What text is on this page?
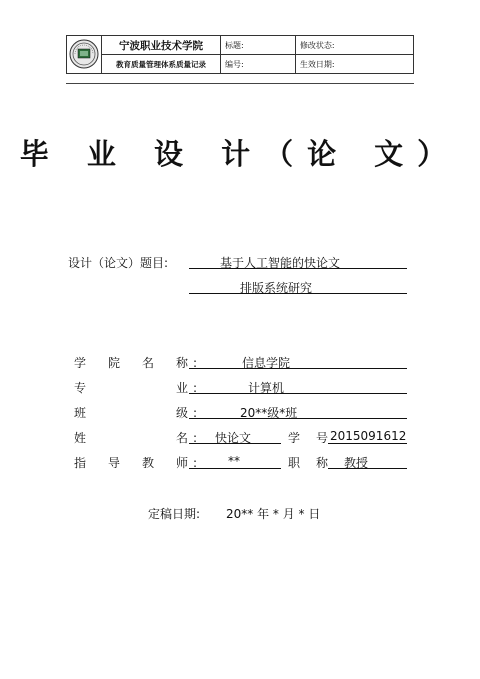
	宁波职业技术学院	标题:	修改状态:
	教育质量管理体系质量记录	编号:	生效日期:
毕 业 设 计（论 文）
设计（论文）题目:	基于人工智能的快论文
排版系统研究
学　院　名　称:	信息学院
专　　　　　业:	计算机
班　　　　　级:	20**级*班
姓　　　　　名: 快论文	学　号 2015091612
指　导　教　师: **	职　称 教授
定稿日期: 20** 年 * 月 * 日
